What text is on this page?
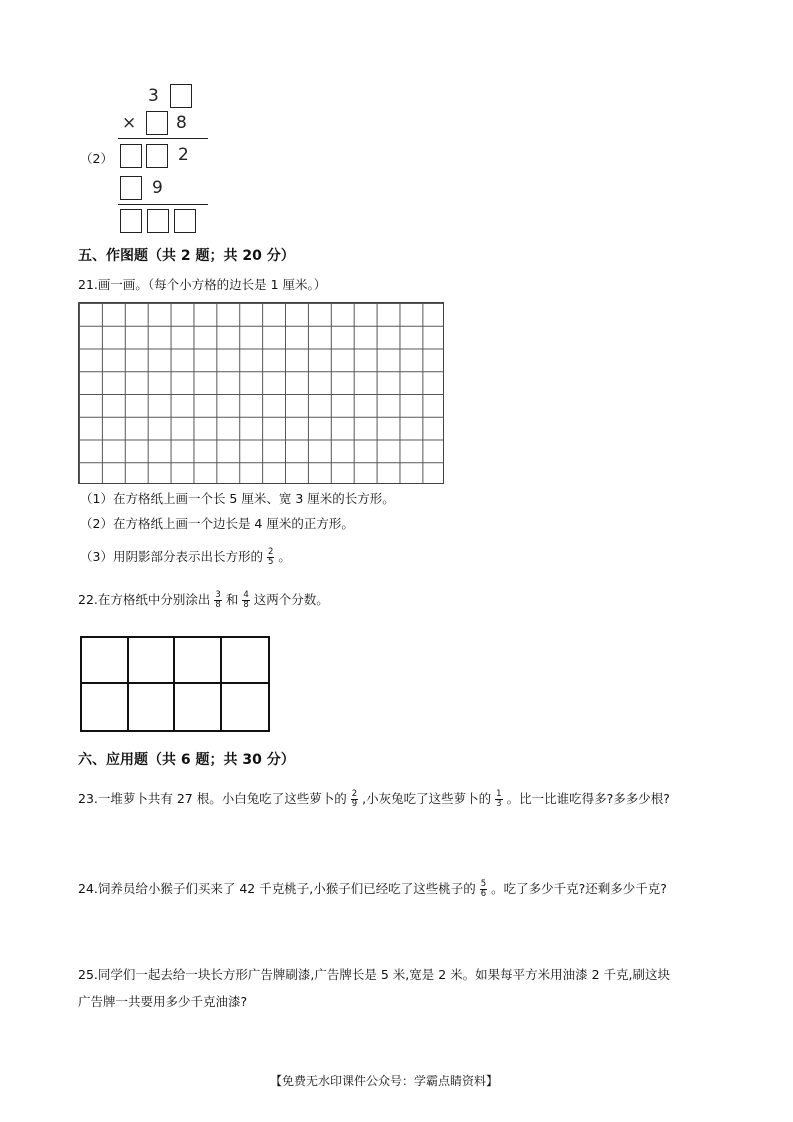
（2）
3
× 8
2
9
五、作图题（共 2 题；共 20 分）
21.画一画。（每个小方格的边长是 1 厘米。）
（1）在方格纸上画一个长 5 厘米、宽 3 厘米的长方形。
（2）在方格纸上画一个边长是 4 厘米的正方形。
（3）用阴影部分表示出长方形的 $\frac{2}{5}$ 。
22.在方格纸中分别涂出 $\frac{3}{8}$ 和 $\frac{4}{8}$ 这两个分数。
六、应用题（共 6 题；共 30 分）
23.一堆萝卜共有 27 根。小白兔吃了这些萝卜的 $\frac{2}{9}$ ,小灰兔吃了这些萝卜的 $\frac{1}{3}$ 。比一比谁吃得多?多多少根?
24.饲养员给小猴子们买来了 42 千克桃子,小猴子们已经吃了这些桃子的 $\frac{5}{6}$ 。吃了多少千克?还剩多少千克?
25.同学们一起去给一块长方形广告牌刷漆,广告牌长是 5 米,宽是 2 米。如果每平方米用油漆 2 千克,刷这块
广告牌一共要用多少千克油漆?
【免费无水印课件公众号：学霸点睛资料】
